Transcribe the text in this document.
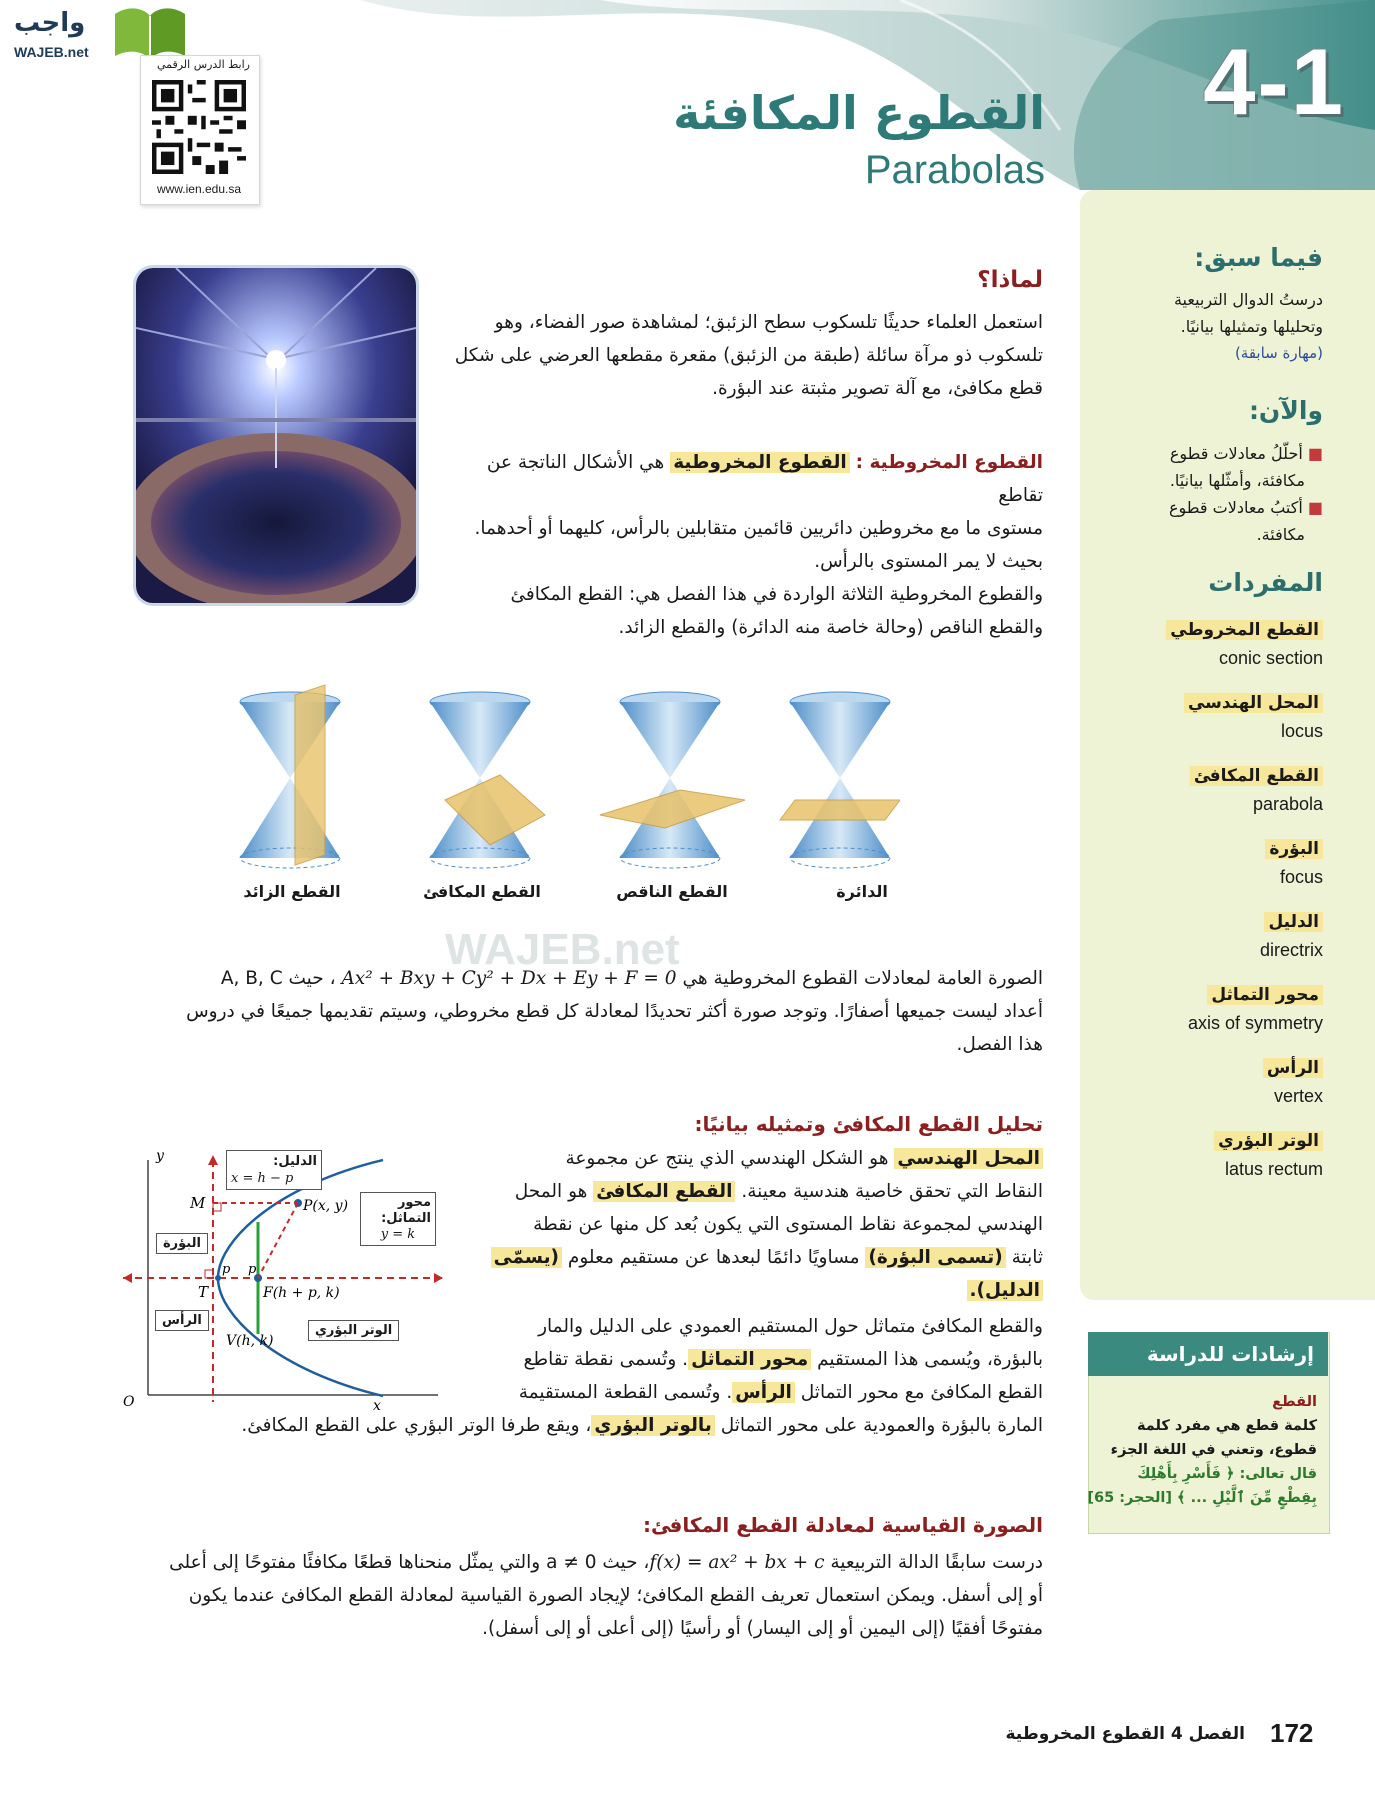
4-1
القطوع المكافئة
Parabolas
واجب
WAJEB.net
رابط الدرس الرقمي
www.ien.edu.sa
فيما سبق:
درستُ الدوال التربيعية
وتحليلها وتمثيلها بيانيًا.
(مهارة سابقة)
والآن:
■ أحلّلُ معادلات قطوع
مكافئة، وأمثّلها بيانيًا.
■ أكتبُ معادلات قطوع
مكافئة.
المفردات
القطع المخروطي
conic section
المحل الهندسي
locus
القطع المكافئ
parabola
البؤرة
focus
الدليل
directrix
محور التماثل
axis of symmetry
الرأس
vertex
الوتر البؤري
latus rectum
إرشادات للدراسة
القطع
كلمة قطع هي مفرد كلمة
قطوع، وتعني في اللغة الجزء
قال تعالى: ﴿ فَأَسْرِ بِأَهْلِكَ
بِقِطْعٍ مِّنَ ٱلَّيْلِ ... ﴾ [الحجر: 65]
لماذا؟
استعمل العلماء حديثًا تلسكوب سطح الزئبق؛ لمشاهدة صور الفضاء، وهو
تلسكوب ذو مرآة سائلة (طبقة من الزئبق) مقعرة مقطعها العرضي على شكل
قطع مكافئ، مع آلة تصوير مثبتة عند البؤرة.
القطوع المخروطية : القطوع المخروطية هي الأشكال الناتجة عن تقاطع
مستوى ما مع مخروطين دائريين قائمين متقابلين بالرأس، كليهما أو أحدهما.
بحيث لا يمر المستوى بالرأس.
والقطوع المخروطية الثلاثة الواردة في هذا الفصل هي: القطع المكافئ
والقطع الناقص (وحالة خاصة منه الدائرة) والقطع الزائد.
القطع الزائد	القطع المكافئ	القطع الناقص	الدائرة
WAJEB.net
الصورة العامة لمعادلات القطوع المخروطية هي Ax² + Bxy + Cy² + Dx + Ey + F = 0 ، حيث A, B, C
أعداد ليست جميعها أصفارًا. وتوجد صورة أكثر تحديدًا لمعادلة كل قطع مخروطي، وسيتم تقديمها جميعًا في دروس
هذا الفصل.
تحليل القطع المكافئ وتمثيله بيانيًا:
المحل الهندسي هو الشكل الهندسي الذي ينتج عن مجموعة
النقاط التي تحقق خاصية هندسية معينة. القطع المكافئ هو المحل
الهندسي لمجموعة نقاط المستوى التي يكون بُعد كل منها عن نقطة
ثابتة (تسمى البؤرة) مساويًا دائمًا لبعدها عن مستقيم معلوم (يسمّى
الدليل).
والقطع المكافئ متماثل حول المستقيم العمودي على الدليل والمار
بالبؤرة، ويُسمى هذا المستقيم محور التماثل. وتُسمى نقطة تقاطع
القطع المكافئ مع محور التماثل الرأس. وتُسمى القطعة المستقيمة
المارة بالبؤرة والعمودية على محور التماثل بالوتر البؤري، ويقع طرفا الوتر البؤري على القطع المكافئ.
y
x
O
M
T
p p
P(x, y)
F(h + p, k)
V(h, k)
الدليل:
x = h − p
محور
التماثل:
y = k
البؤرة
الرأس
الوتر البؤري
الصورة القياسية لمعادلة القطع المكافئ:
درست سابقًا الدالة التربيعية f(x) = ax² + bx + c، حيث a ≠ 0 والتي يمثّل منحناها قطعًا مكافئًا مفتوحًا إلى أعلى
أو إلى أسفل. ويمكن استعمال تعريف القطع المكافئ؛ لإيجاد الصورة القياسية لمعادلة القطع المكافئ عندما يكون
مفتوحًا أفقيًا (إلى اليمين أو إلى اليسار) أو رأسيًا (إلى أعلى أو إلى أسفل).
172
الفصل 4 القطوع المخروطية
